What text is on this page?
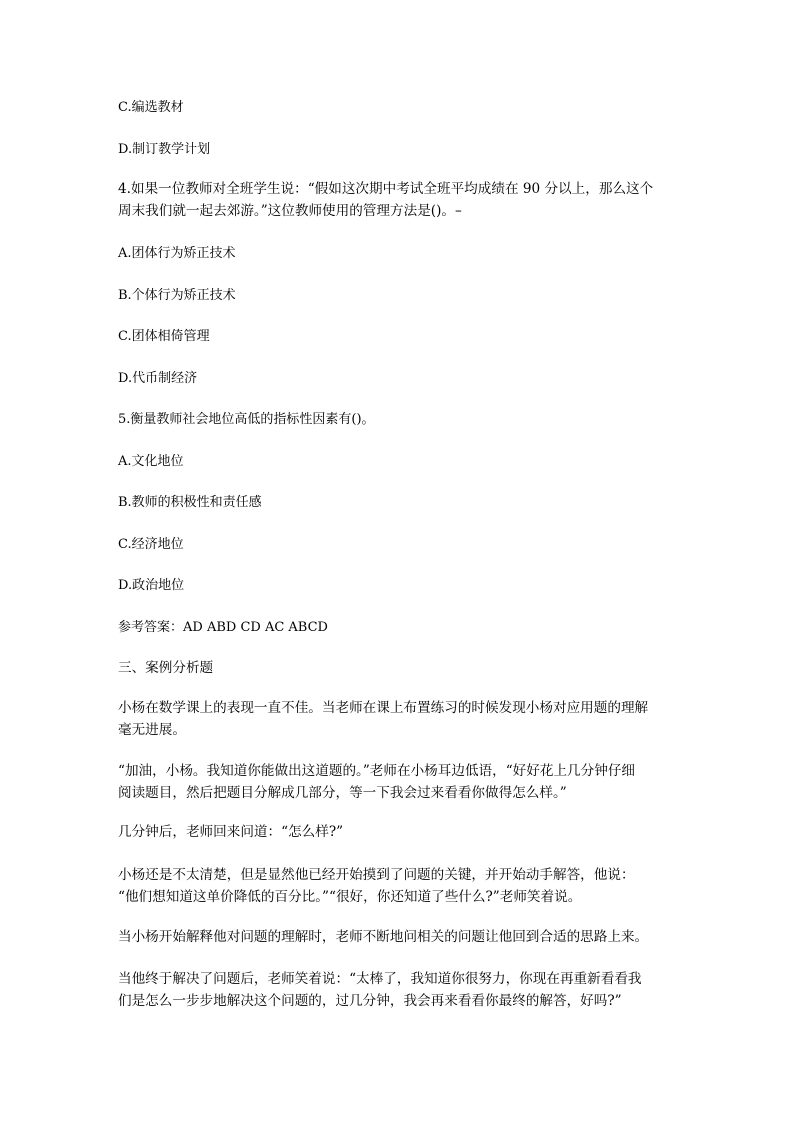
C.编选教材
D.制订教学计划
4.如果一位教师对全班学生说：“假如这次期中考试全班平均成绩在 90 分以上，那么这个
周末我们就一起去郊游。”这位教师使用的管理方法是()。–
A.团体行为矫正技术
B.个体行为矫正技术
C.团体相倚管理
D.代币制经济
5.衡量教师社会地位高低的指标性因素有()。
A.文化地位
B.教师的积极性和责任感
C.经济地位
D.政治地位
参考答案：AD ABD CD AC ABCD
三、案例分析题
小杨在数学课上的表现一直不佳。当老师在课上布置练习的时候发现小杨对应用题的理解
毫无进展。
“加油，小杨。我知道你能做出这道题的。”老师在小杨耳边低语，“好好花上几分钟仔细
阅读题目，然后把题目分解成几部分，等一下我会过来看看你做得怎么样。”
几分钟后，老师回来问道：“怎么样?”
小杨还是不太清楚，但是显然他已经开始摸到了问题的关键，并开始动手解答，他说：
“他们想知道这单价降低的百分比。”“很好，你还知道了些什么?”老师笑着说。
当小杨开始解释他对问题的理解时，老师不断地问相关的问题让他回到合适的思路上来。
当他终于解决了问题后，老师笑着说：“太棒了，我知道你很努力，你现在再重新看看我
们是怎么一步步地解决这个问题的，过几分钟，我会再来看看你最终的解答，好吗?”
